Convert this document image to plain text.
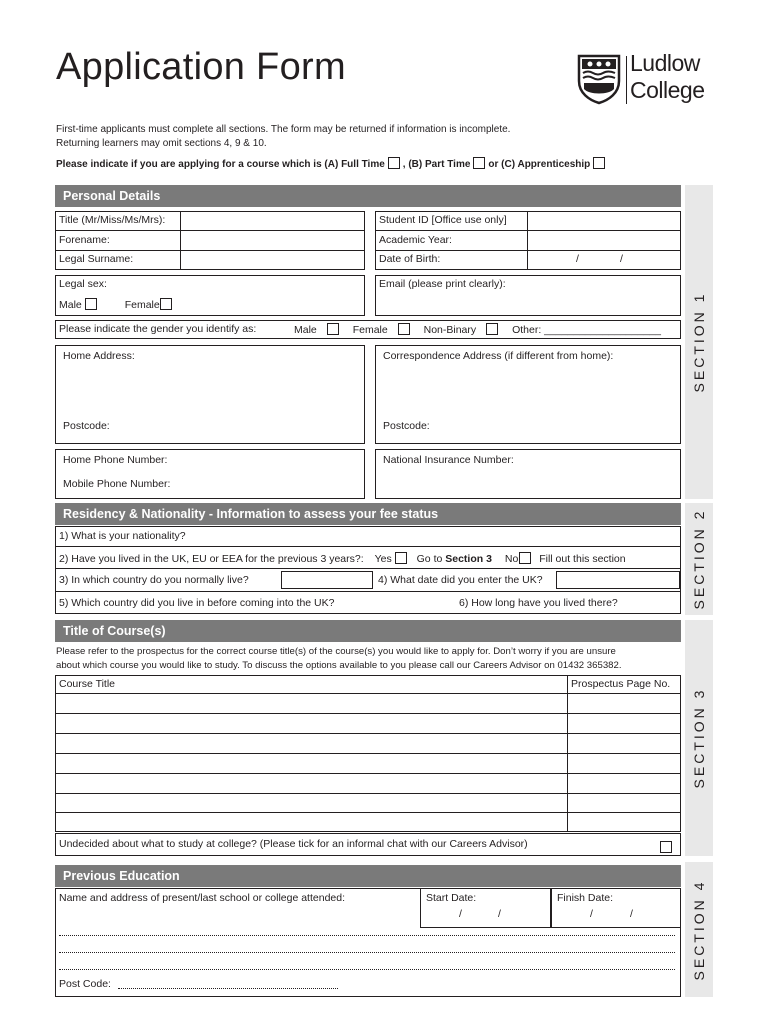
Application Form	Ludlow
College
First-time applicants must complete all sections. The form may be returned if information is incomplete.
Returning learners may omit sections 4, 9 & 10.
Please indicate if you are applying for a course which is (A) Full Time , (B) Part Time or (C) Apprenticeship
SECTION 1
SECTION 2
SECTION 3
SECTION 4
Personal Details
Title (Mr/Miss/Ms/Mrs):
Forename:
Legal Surname:
Student ID [Office use only]
Academic Year:
Date of Birth:	/	/
Legal sex:
Male	Female
Email (please print clearly):
Please indicate the gender you identify as:	Male	Female	Non-Binary	Other: ____________________
Home Address:
Postcode:
Correspondence Address (if different from home):
Postcode:
Home Phone Number:
Mobile Phone Number:
National Insurance Number:
Residency & Nationality - Information to assess your fee status
1) What is your nationality?
2) Have you lived in the UK, EU or EEA for the previous 3 years?: Yes Go to Section 3 No Fill out this section
3) In which country do you normally live?	4) What date did you enter the UK?
5) Which country did you live in before coming into the UK?	6) How long have you lived there?
Title of Course(s)
Please refer to the prospectus for the correct course title(s) of the course(s) you would like to apply for. Don’t worry if you are unsure
about which course you would like to study. To discuss the options available to you please call our Careers Advisor on 01432 365382.
Course Title	Prospectus Page No.
Undecided about what to study at college? (Please tick for an informal chat with our Careers Advisor)
Previous Education
Name and address of present/last school or college attended:	Start Date:
/	/
Finish Date:
/	/
Post Code:
